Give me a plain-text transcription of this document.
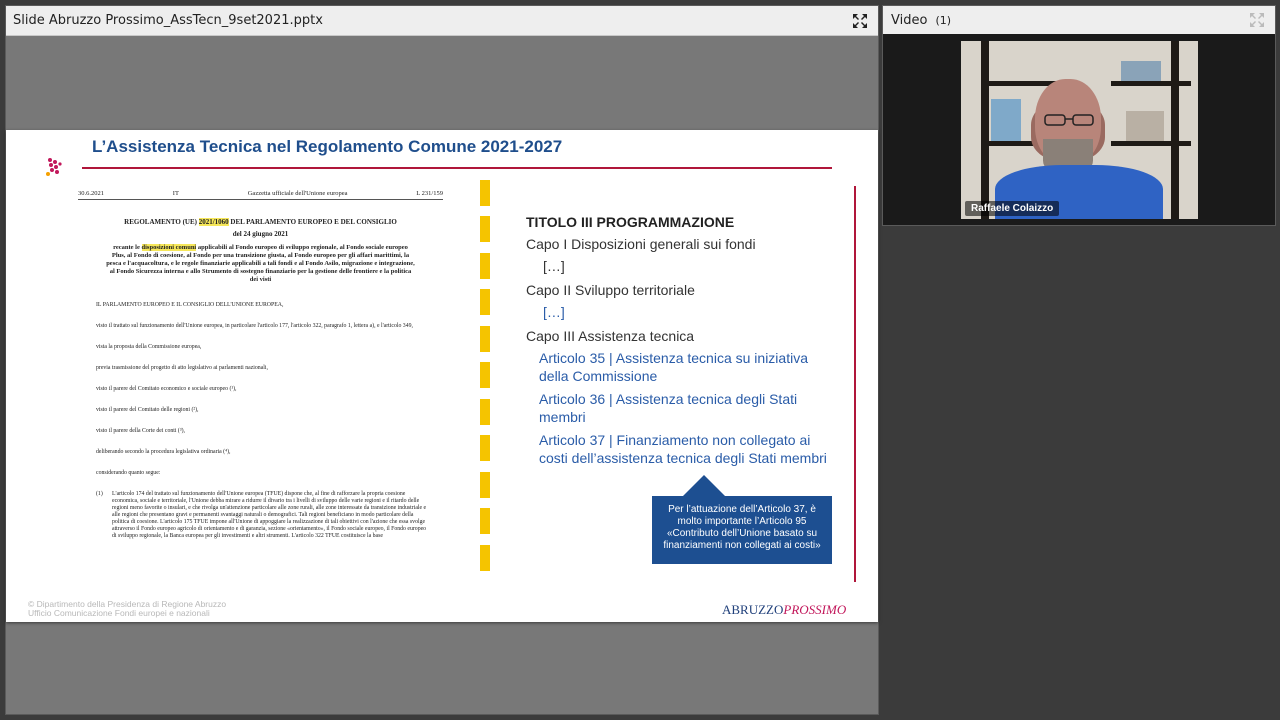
Slide Abruzzo Prossimo_AssTecn_9set2021.pptx
L’Assistenza Tecnica nel Regolamento Comune 2021-2027
30.6.2021	IT	Gazzetta ufficiale dell'Unione europea	L 231/159
REGOLAMENTO (UE) 2021/1060 DEL PARLAMENTO EUROPEO E DEL CONSIGLIO
del 24 giugno 2021
recante le disposizioni comuni applicabili al Fondo europeo di sviluppo regionale, al Fondo sociale europeo Plus, al Fondo di coesione, al Fondo per una transizione giusta, al Fondo europeo per gli affari marittimi, la pesca e l'acquacoltura, e le regole finanziarie applicabili a tali fondi e al Fondo Asilo, migrazione e integrazione, al Fondo Sicurezza interna e allo Strumento di sostegno finanziario per la gestione delle frontiere e la politica dei visti
IL PARLAMENTO EUROPEO E IL CONSIGLIO DELL'UNIONE EUROPEA,
visto il trattato sul funzionamento dell'Unione europea, in particolare l'articolo 177, l'articolo 322, paragrafo 1, lettera a), e l'articolo 349,
vista la proposta della Commissione europea,
previa trasmissione del progetto di atto legislativo ai parlamenti nazionali,
visto il parere del Comitato economico e sociale europeo (¹),
visto il parere del Comitato delle regioni (²),
visto il parere della Corte dei conti (³),
deliberando secondo la procedura legislativa ordinaria (⁴),
considerando quanto segue:
(1)	L'articolo 174 del trattato sul funzionamento dell'Unione europea (TFUE) dispone che, al fine di rafforzare la propria coesione economica, sociale e territoriale, l'Unione debba mirare a ridurre il divario tra i livelli di sviluppo delle varie regioni e il ritardo delle regioni meno favorite o insulari, e che rivolga un'attenzione particolare alle zone rurali, alle zone interessate da transizione industriale e alle regioni che presentano gravi e permanenti svantaggi naturali o demografici. Tali regioni beneficiano in modo particolare della politica di coesione. L'articolo 175 TFUE impone all'Unione di appoggiare la realizzazione di tali obiettivi con l'azione che essa svolge attraverso il Fondo europeo agricolo di orientamento e di garanzia, sezione «orientamento», il Fondo sociale europeo, il Fondo europeo di sviluppo regionale, la Banca europea per gli investimenti e altri strumenti. L'articolo 322 TFUE costituisce la base
TITOLO III PROGRAMMAZIONE
Capo I Disposizioni generali sui fondi
[…]
Capo II Sviluppo territoriale
[…]
Capo III Assistenza tecnica
Articolo 35 | Assistenza tecnica su iniziativa della Commissione
Articolo 36 | Assistenza tecnica degli Stati membri
Articolo 37 | Finanziamento non collegato ai costi dell’assistenza tecnica degli Stati membri
Per l’attuazione dell’Articolo 37, è molto importante l’Articolo 95 «Contributo dell’Unione basato su finanziamenti non collegati ai costi»
© Dipartimento della Presidenza di Regione Abruzzo
Ufficio Comunicazione Fondi europei e nazionali	ABRUZZOPROSSIMO
Video (1)
Raffaele Colaizzo
